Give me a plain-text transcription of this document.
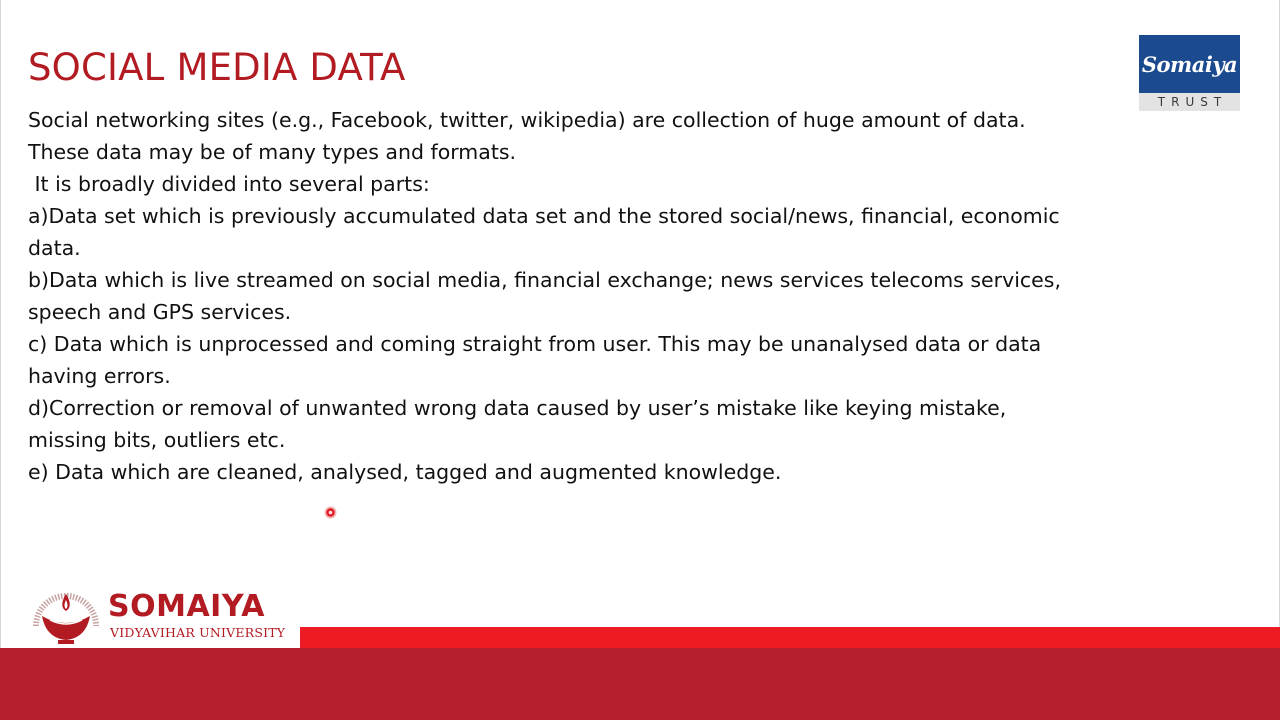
SOCIAL MEDIA DATA
Social networking sites (e.g., Facebook, twitter, wikipedia) are collection of huge amount of data.
These data may be of many types and formats.
It is broadly divided into several parts:
a)Data set which is previously accumulated data set and the stored social/news, financial, economic
data.
b)Data which is live streamed on social media, financial exchange; news services telecoms services,
speech and GPS services.
c) Data which is unprocessed and coming straight from user. This may be unanalysed data or data
having errors.
d)Correction or removal of unwanted wrong data caused by user’s mistake like keying mistake,
missing bits, outliers etc.
e) Data which are cleaned, analysed, tagged and augmented knowledge.
Somaiya
TRUST

SOMAIYA

VIDYAVIHAR UNIVERSITY
